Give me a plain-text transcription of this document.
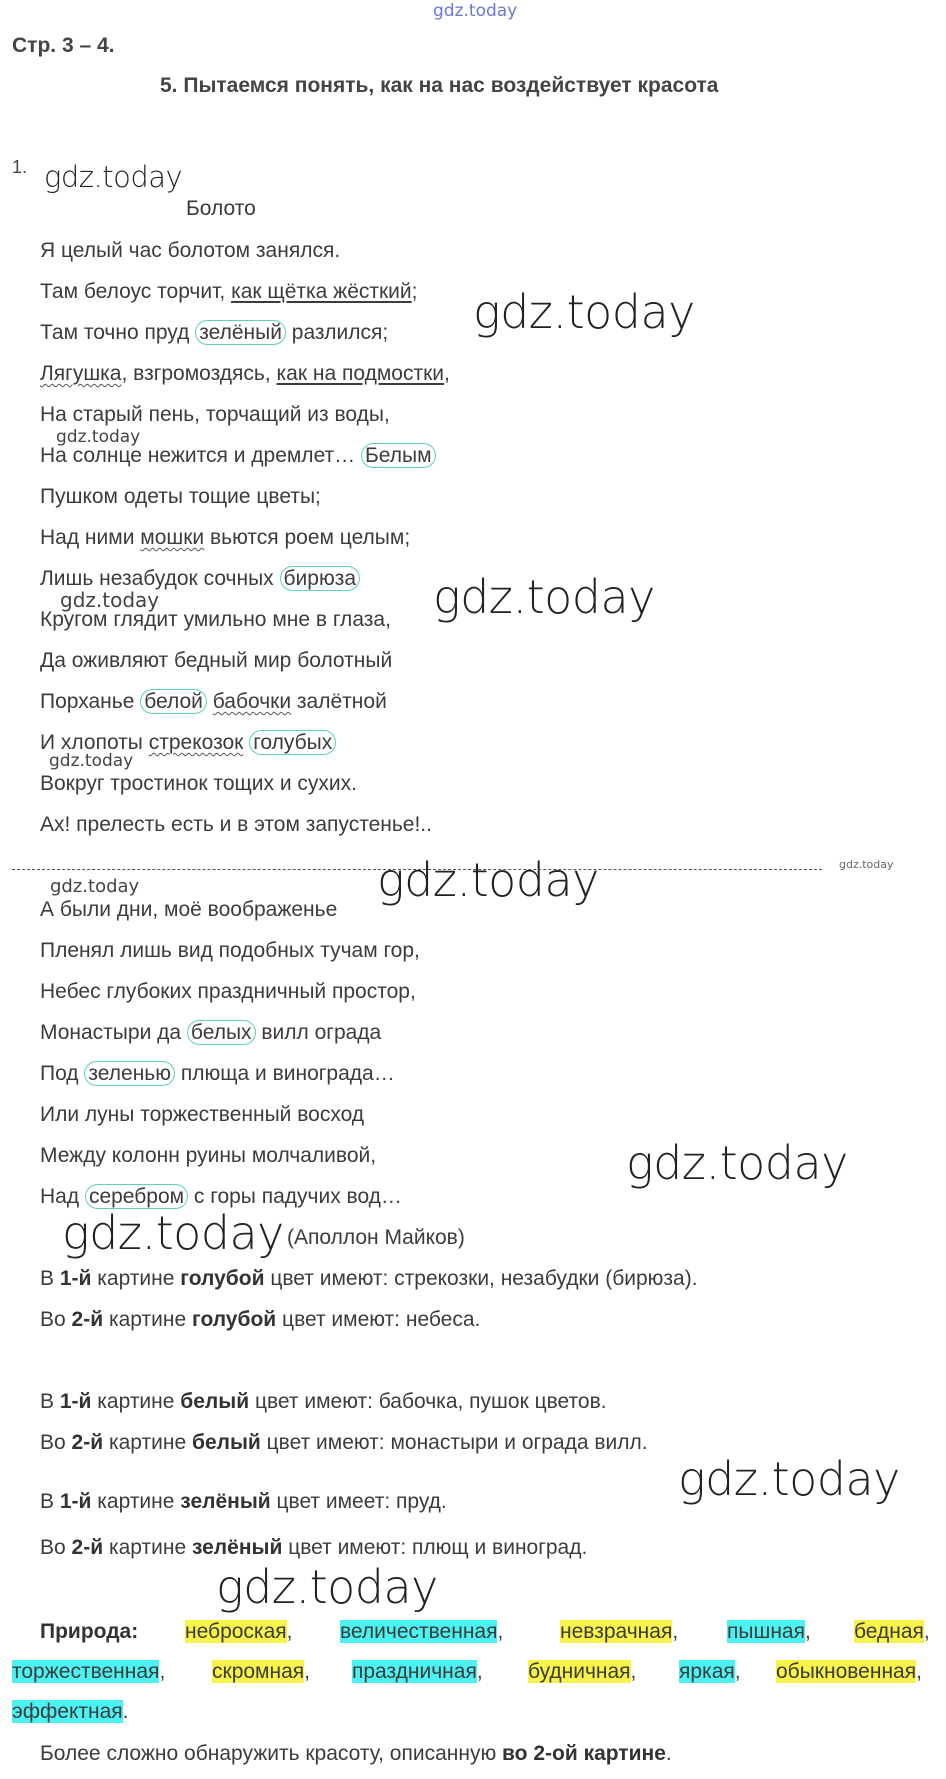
gdz.today
gdz.today
gdz.today
gdz.today
gdz.today
gdz.today
gdz.today
gdz.today
gdz.today
gdz.today
gdz.today
gdz.today
gdz.today
gdz.today
Стр. 3 – 4.
5. Пытаемся понять, как на нас воздействует красота
1.
Болото
Я целый час болотом занялся.
Там белоус торчит, как щётка жёсткий;
Там точно пруд зелёный разлился;
Лягушка, взгромоздясь, как на подмостки,
На старый пень, торчащий из воды,
На солнце нежится и дремлет… Белым
Пушком одеты тощие цветы;
Над ними мошки вьются роем целым;
Лишь незабудок сочных бирюза
Кругом глядит умильно мне в глаза,
Да оживляют бедный мир болотный
Порханье белой бабочки залётной
И хлопоты стрекозок голубых
Вокруг тростинок тощих и сухих.
Ах! прелесть есть и в этом запустенье!..
А были дни, моё воображенье
Пленял лишь вид подобных тучам гор,
Небес глубоких праздничный простор,
Монастыри да белых вилл ограда
Под зеленью плюща и винограда…
Или луны торжественный восход
Между колонн руины молчаливой,
Над серебром с горы падучих вод…
(Аполлон Майков)
В 1-й картине голубой цвет имеют: стрекозки, незабудки (бирюза).
Во 2-й картине голубой цвет имеют: небеса.
В 1-й картине белый цвет имеют: бабочка, пушок цветов.
Во 2-й картине белый цвет имеют: монастыри и ограда вилл.
В 1-й картине зелёный цвет имеет: пруд.
Во 2-й картине зелёный цвет имеют: плющ и виноград.
Природа: неброская, величественная,	невзрачная, пышная, бедная,
торжественная, скромная, праздничная, будничная, яркая, обыкновенная,
эффектная.
Более сложно обнаружить красоту, описанную во 2-ой картине.
